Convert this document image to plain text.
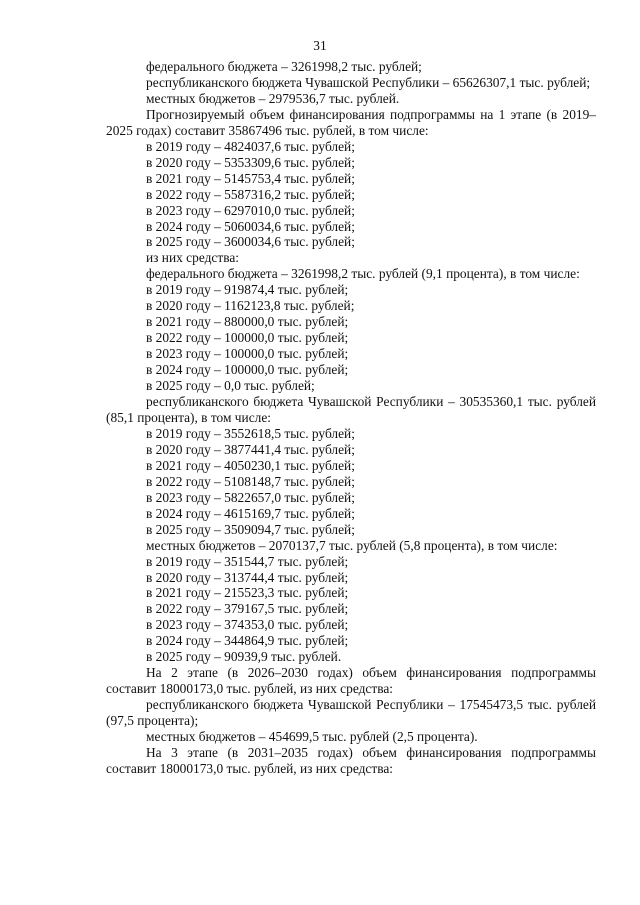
31

федерального бюджета – 3261998,2 тыс. рублей;

республиканского бюджета Чувашской Республики – 65626307,1 тыс. рублей;

местных бюджетов – 2979536,7 тыс. рублей.

Прогнозируемый объем финансирования подпрограммы на 1 этапе (в 2019–2025 годах) составит 35867496 тыс. рублей, в том числе:

в 2019 году – 4824037,6 тыс. рублей;

в 2020 году – 5353309,6 тыс. рублей;

в 2021 году – 5145753,4 тыс. рублей;

в 2022 году – 5587316,2 тыс. рублей;

в 2023 году – 6297010,0 тыс. рублей;

в 2024 году – 5060034,6 тыс. рублей;

в 2025 году – 3600034,6 тыс. рублей;

из них средства:

федерального бюджета – 3261998,2 тыс. рублей (9,1 процента), в том числе:

в 2019 году – 919874,4 тыс. рублей;

в 2020 году – 1162123,8 тыс. рублей;

в 2021 году – 880000,0 тыс. рублей;

в 2022 году – 100000,0 тыс. рублей;

в 2023 году – 100000,0 тыс. рублей;

в 2024 году – 100000,0 тыс. рублей;

в 2025 году – 0,0 тыс. рублей;

республиканского бюджета Чувашской Республики – 30535360,1 тыс. рублей (85,1 процента), в том числе:

в 2019 году – 3552618,5 тыс. рублей;

в 2020 году – 3877441,4 тыс. рублей;

в 2021 году – 4050230,1 тыс. рублей;

в 2022 году – 5108148,7 тыс. рублей;

в 2023 году – 5822657,0 тыс. рублей;

в 2024 году – 4615169,7 тыс. рублей;

в 2025 году – 3509094,7 тыс. рублей;

местных бюджетов – 2070137,7 тыс. рублей (5,8 процента), в том числе:

в 2019 году – 351544,7 тыс. рублей;

в 2020 году – 313744,4 тыс. рублей;

в 2021 году – 215523,3 тыс. рублей;

в 2022 году – 379167,5 тыс. рублей;

в 2023 году – 374353,0 тыс. рублей;

в 2024 году – 344864,9 тыс. рублей;

в 2025 году – 90939,9 тыс. рублей.

На 2 этапе (в 2026–2030 годах) объем финансирования подпрограммы составит 18000173,0 тыс. рублей, из них средства:

республиканского бюджета Чувашской Республики – 17545473,5 тыс. рублей (97,5 процента);

местных бюджетов – 454699,5 тыс. рублей (2,5 процента).

На 3 этапе (в 2031–2035 годах) объем финансирования подпрограммы составит 18000173,0 тыс. рублей, из них средства:
